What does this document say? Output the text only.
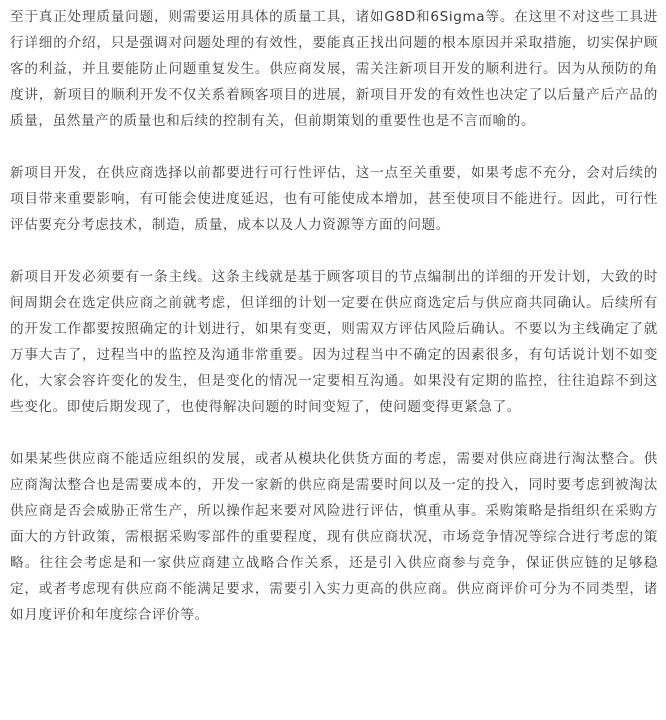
至于真正处理质量问题，则需要运用具体的质量工具，诸如G8D和6Sigma等。在这里不对这些工具进行详细的介绍，只是强调对问题处理的有效性，要能真正找出问题的根本原因并采取措施，切实保护顾客的利益，并且要能防止问题重复发生。供应商发展，需关注新项目开发的顺利进行。因为从预防的角度讲，新项目的顺利开发不仅关系着顾客项目的进展，新项目开发的有效性也决定了以后量产后产品的质量，虽然量产的质量也和后续的控制有关，但前期策划的重要性也是不言而喻的。

新项目开发，在供应商选择以前都要进行可行性评估，这一点至关重要，如果考虑不充分，会对后续的项目带来重要影响，有可能会使进度延迟，也有可能使成本增加，甚至使项目不能进行。因此，可行性评估要充分考虑技术，制造，质量，成本以及人力资源等方面的问题。

新项目开发必须要有一条主线。这条主线就是基于顾客项目的节点编制出的详细的开发计划，大致的时间周期会在选定供应商之前就考虑，但详细的计划一定要在供应商选定后与供应商共同确认。后续所有的开发工作都要按照确定的计划进行，如果有变更，则需双方评估风险后确认。不要以为主线确定了就万事大吉了，过程当中的监控及沟通非常重要。因为过程当中不确定的因素很多，有句话说计划不如变化，大家会容许变化的发生，但是变化的情况一定要相互沟通。如果没有定期的监控，往往追踪不到这些变化。即使后期发现了，也使得解决问题的时间变短了，使问题变得更紧急了。

如果某些供应商不能适应组织的发展，或者从模块化供货方面的考虑，需要对供应商进行淘汰整合。供应商淘汰整合也是需要成本的，开发一家新的供应商是需要时间以及一定的投入，同时要考虑到被淘汰供应商是否会威胁正常生产，所以操作起来要对风险进行评估，慎重从事。采购策略是指组织在采购方面大的方针政策，需根据采购零部件的重要程度，现有供应商状况，市场竞争情况等综合进行考虑的策略。往往会考虑是和一家供应商建立战略合作关系，还是引入供应商参与竞争，保证供应链的足够稳定，或者考虑现有供应商不能满足要求，需要引入实力更高的供应商。供应商评价可分为不同类型，诸如月度评价和年度综合评价等。
